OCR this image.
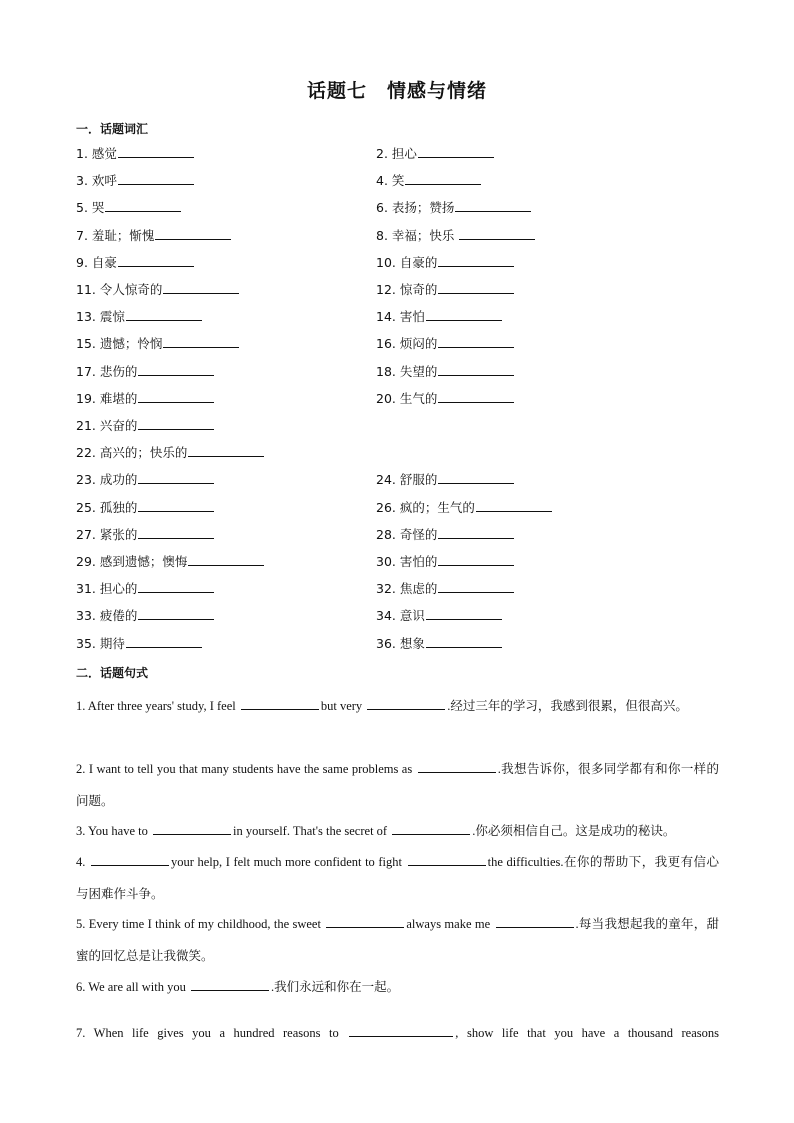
话题七　情感与情绪
一．话题词汇
1. 感觉	2. 担心
3. 欢呼	4. 笑
5. 哭	6. 表扬；赞扬
7. 羞耻；惭愧	8. 幸福；快乐
9. 自豪	10. 自豪的
11. 令人惊奇的	12. 惊奇的
13. 震惊	14. 害怕
15. 遗憾；怜悯	16. 烦闷的
17. 悲伤的	18. 失望的
19. 难堪的	20. 生气的
21. 兴奋的
22. 高兴的；快乐的
23. 成功的	24. 舒服的
25. 孤独的	26. 疯的；生气的
27. 紧张的	28. 奇怪的
29. 感到遗憾；懊悔	30. 害怕的
31. 担心的	32. 焦虑的
33. 疲倦的	34. 意识
35. 期待	36. 想象
二．话题句式
1. After three years' study, I feel	but very	.经过三年的学习，我感到很累，但很高兴。
2. I want to tell you that many students have the same problems as	.我想告诉你，很多同学都有和你一样的问题。
3. You have to	in yourself. That's the secret of	.你必须相信自己。这是成功的秘诀。
4.	your help, I felt much more confident to fight	the difficulties.在你的帮助下，我更有信心与困难作斗争。
5. Every time I think of my childhood, the sweet	always make me	.每当我想起我的童年，甜蜜的回忆总是让我微笑。
6. We are all with you	.我们永远和你在一起。
7. When life gives you a hundred reasons to	, show life that you have a thousand reasons
